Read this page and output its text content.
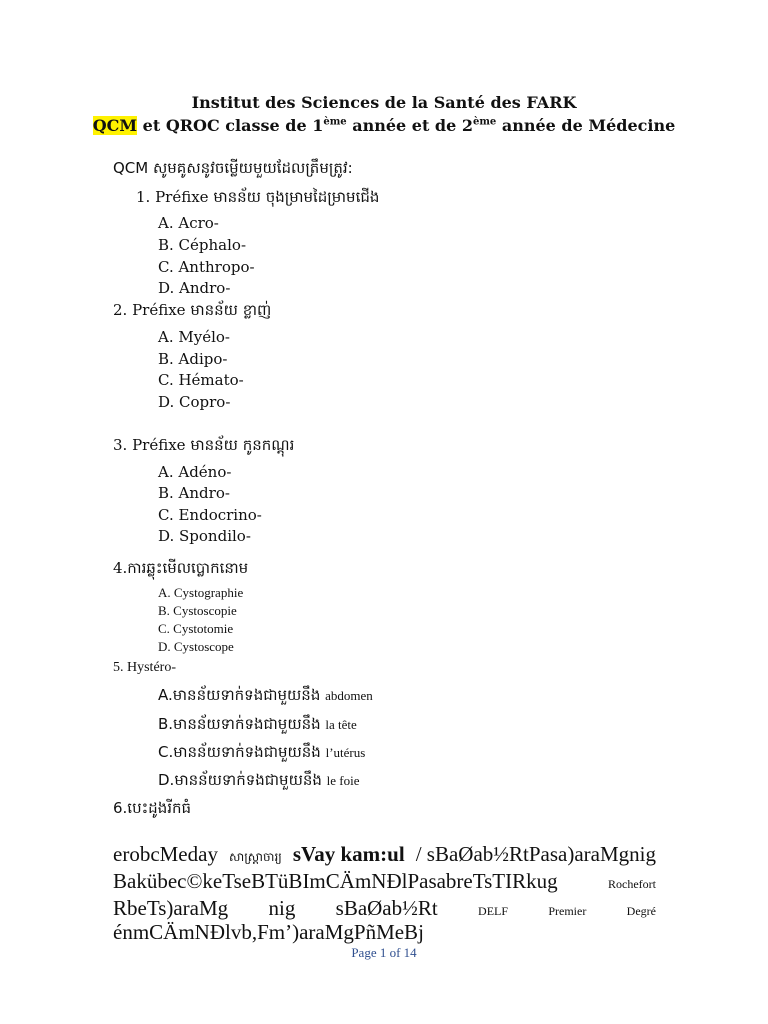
Institut des Sciences de la Santé des FARK
QCM et QROC classe de 1ème année et de 2ème année de Médecine
QCM សូមគូសនូវចម្លើយមួយដែលត្រឹមត្រូវ:
1. Préfixe មានន័យ ចុងម្រាមដៃម្រាមជើង
A. Acro-
B. Céphalo-
C. Anthropo-
D. Andro-
2. Préfixe មានន័យ ខ្លាញ់
A. Myélo-
B. Adipo-
C. Hémato-
D. Copro-
3. Préfixe មានន័យ កូនកណ្ដុរ
A. Adéno-
B. Andro-
C. Endocrino-
D. Spondilo-
4.ការឆ្លុះមើលប្លោកនោម
A. Cystographie
B. Cystoscopie
C. Cystotomie
D. Cystoscope
5. Hystéro-
A.មានន័យទាក់ទងជាមួយនឹង abdomen
B.មានន័យទាក់ទងជាមួយនឹង la tête
C.មានន័យទាក់ទងជាមួយនឹង l’utérus
D.មានន័យទាក់ទងជាមួយនឹង le foie
6.បេះដូងរីកធំ
erobcMeday សាស្ត្រាចារ្យ sVay kam:ul / sBaØab½RtPasa)araMgnig
Bakübec©keTseBTüBImCÄmNÐlPasabreTsTIRkug	Rochefort
RbeTs)araMg nig sBaØab½Rt	DELF	Premier	Degré
énmCÄmNÐlvb,Fm’)araMgPñMeBj
Page 1 of 14
